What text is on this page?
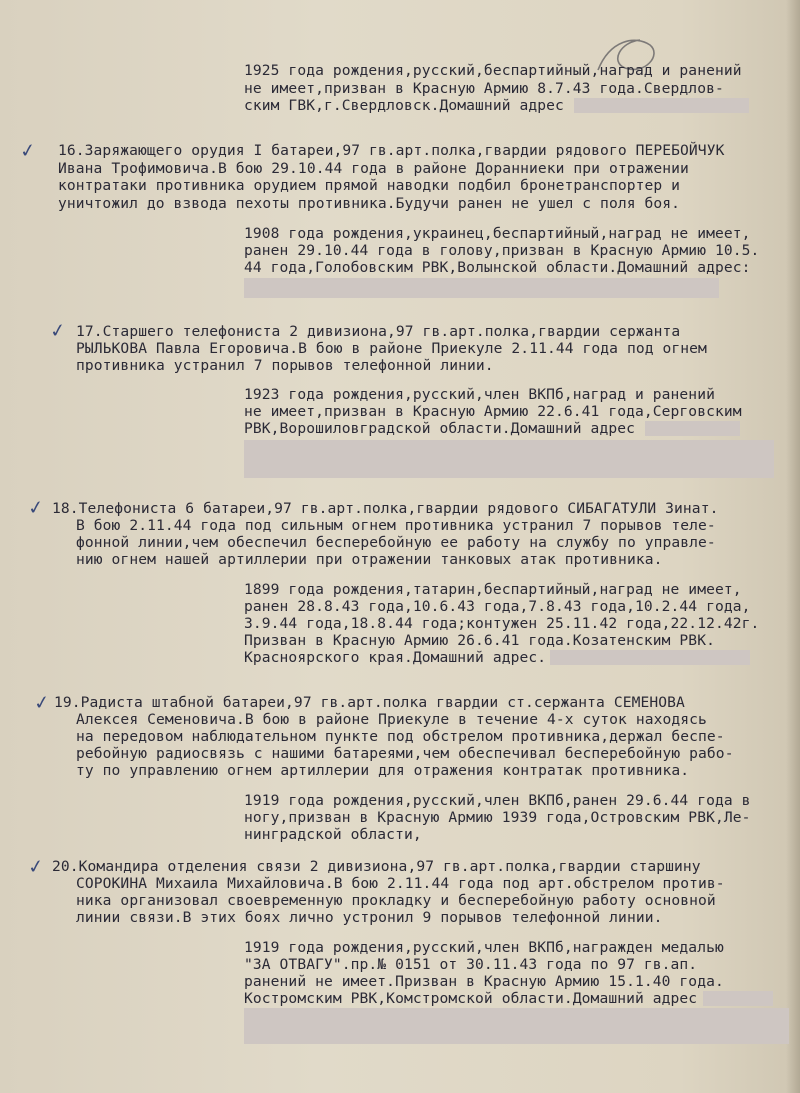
1925 года рождения,русский,беспартийный,наград и ранений
не имеет,призван в Красную Армию 8.7.43 года.Свердлов-
ским ГВК,г.Свердловск.Домашний адрес
✓ 16.Заряжающего орудия I батареи,97 гв.арт.полка,гвардии рядового ПЕРЕБОЙЧУК
Ивана Трофимовича.В бою 29.10.44 года в районе Доранниеки при отражении
контратаки противника орудием прямой наводки подбил бронетранспортер и
уничтожил до взвода пехоты противника.Будучи ранен не ушел с поля боя.
1908 года рождения,украинец,беспартийный,наград не имеет,
ранен 29.10.44 года в голову,призван в Красную Армию 10.5.
44 года,Голобовским РВК,Волынской области.Домашний адрес:
✓ 17.Старшего телефониста 2 дивизиона,97 гв.арт.полка,гвардии сержанта
РЫЛЬКОВА Павла Егоровича.В бою в районе Приекуле 2.11.44 года под огнем
противника устранил 7 порывов телефонной линии.
1923 года рождения,русский,член ВКПб,наград и ранений
не имеет,призван в Красную Армию 22.6.41 года,Серговским
РВК,Ворошиловградской области.Домашний адрес
✓ 18.Телефониста 6 батареи,97 гв.арт.полка,гвардии рядового СИБАГАТУЛИ Зинат.
В бою 2.11.44 года под сильным огнем противника устранил 7 порывов теле-
фонной линии,чем обеспечил бесперебойную ее работу на службу по управле-
нию огнем нашей артиллерии при отражении танковых атак противника.
1899 года рождения,татарин,беспартийный,наград не имеет,
ранен 28.8.43 года,10.6.43 года,7.8.43 года,10.2.44 года,
3.9.44 года,18.8.44 года;контужен 25.11.42 года,22.12.42г.
Призван в Красную Армию 26.6.41 года.Козатенским РВК.
Красноярского края.Домашний адрес.
✓ 19.Радиста штабной батареи,97 гв.арт.полка гвардии ст.сержанта СЕМЕНОВА
Алексея Семеновича.В бою в районе Приекуле в течение 4-х суток находясь
на передовом наблюдательном пункте под обстрелом противника,держал беспе-
ребойную радиосвязь с нашими батареями,чем обеспечивал бесперебойную рабо-
ту по управлению огнем артиллерии для отражения контратак противника.
1919 года рождения,русский,член ВКПб,ранен 29.6.44 года в
ногу,призван в Красную Армию 1939 года,Островским РВК,Ле-
нинградской области,
✓ 20.Командира отделения связи 2 дивизиона,97 гв.арт.полка,гвардии старшину
СОРОКИНА Михаила Михайловича.В бою 2.11.44 года под арт.обстрелом против-
ника организовал своевременную прокладку и бесперебойную работу основной
линии связи.В этих боях лично устронил 9 порывов телефонной линии.
1919 года рождения,русский,член ВКПб,награжден медалью
"ЗА ОТВАГУ".пр.№ 0151 от 30.11.43 года по 97 гв.ап.
ранений не имеет.Призван в Красную Армию 15.1.40 года.
Костромским РВК,Комстромской области.Домашний адрес
